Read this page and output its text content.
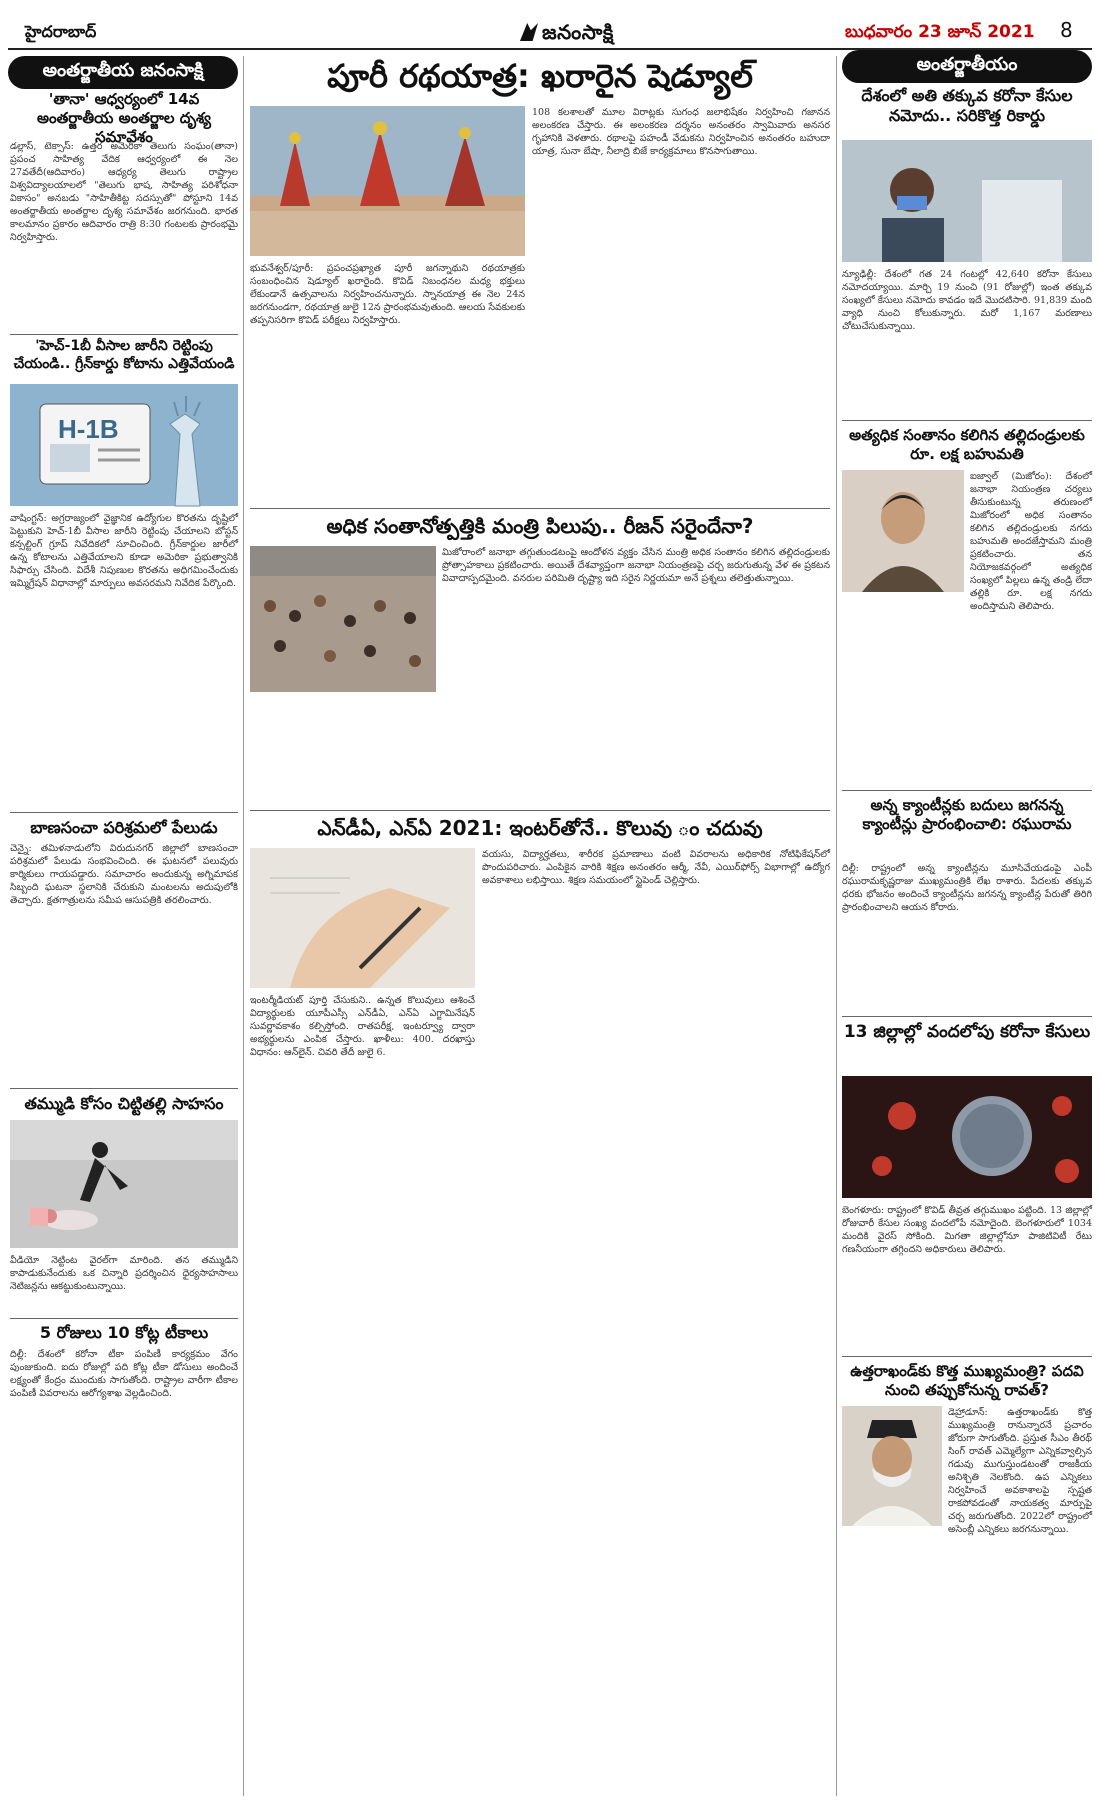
హైదరాబాద్	జనంసాక్షి	బుధవారం 23 జూన్ 2021 8
అంతర్జాతీయ జనంసాక్షి
'తానా' ఆధ్వర్యంలో 14వ అంతర్జాతీయ అంతర్జాల దృశ్య సమావేశం
డల్లాస్, టెక్సాస్: ఉత్తర అమెరికా తెలుగు సంఘం(తానా) ప్రపంచ సాహిత్య వేదిక ఆధ్వర్యంలో ఈ నెల 27వతేదీ(ఆదివారం) ఆధ్యర్య తెలుగు రాష్ట్రాల విశ్వవిద్యాలయాలలో "తెలుగు భాష, సాహిత్య పరిశోధనా వికాసం" అనబడు "సాహితీకిట్ట సదస్సుతో" పోస్టూని 14వ అంతర్జాతీయ అంతర్జాల దృశ్య సమావేశం జరగనుంది. భారత కాలమానం ప్రకారం ఆదివారం రాత్రి 8:30 గంటలకు ప్రారంభమై నిర్వహిస్తారు.
'హెచ్-1బీ వీసాల జారీని రెట్టింపు చేయండి.. గ్రీన్‌కార్డు కోటాను ఎత్తివేయండి
H-1B
వాషింగ్టన్: అగ్రరాజ్యంలో వైజ్ఞానిక ఉద్యోగుల కొరతను దృష్టిలో పెట్టుకుని హెచ్-1బీ వీసాల జారీని రెట్టింపు చేయాలని బోస్టన్ కన్సల్టింగ్ గ్రూప్ నివేదికలో సూచించింది. గ్రీన్‌కార్డుల జారీలో ఉన్న కోటాలను ఎత్తివేయాలని కూడా అమెరికా ప్రభుత్వానికి సిఫార్సు చేసింది. విదేశీ నిపుణుల కొరతను అధిగమించేందుకు ఇమ్మిగ్రేషన్ విధానాల్లో మార్పులు అవసరమని నివేదిక పేర్కొంది.
బాణసంచా పరిశ్రమలో పేలుడు
చెన్నై: తమిళనాడులోని విరుదునగర్ జిల్లాలో బాణసంచా పరిశ్రమలో పేలుడు సంభవించింది. ఈ ఘటనలో పలువురు కార్మికులు గాయపడ్డారు. సమాచారం అందుకున్న అగ్నిమాపక సిబ్బంది ఘటనా స్థలానికి చేరుకుని మంటలను అదుపులోకి తెచ్చారు. క్షతగాత్రులను సమీప ఆసుపత్రికి తరలించారు.
తమ్ముడి కోసం చిట్టితల్లి సాహసం
వీడియో నెట్టింట వైరల్‌గా మారింది. తన తమ్ముడిని కాపాడుకునేందుకు ఒక చిన్నారి ప్రదర్శించిన ధైర్యసాహసాలు నెటిజన్లను ఆకట్టుకుంటున్నాయి.
5 రోజులు 10 కోట్ల టీకాలు
దిల్లీ: దేశంలో కరోనా టీకా పంపిణీ కార్యక్రమం వేగం పుంజుకుంది. ఐదు రోజుల్లో పది కోట్ల టీకా డోసులు అందించే లక్ష్యంతో కేంద్రం ముందుకు సాగుతోంది. రాష్ట్రాల వారీగా టీకాల పంపిణీ వివరాలను ఆరోగ్యశాఖ వెల్లడించింది.
పూరీ రథయాత్ర: ఖరారైన షెడ్యూల్
భువనేశ్వర్/పూరీ: ప్రపంచప్రఖ్యాత పూరీ జగన్నాథుని రథయాత్రకు సంబంధించిన షెడ్యూల్ ఖరారైంది. కొవిడ్ నిబంధనల మధ్య భక్తులు లేకుండానే ఉత్సవాలను నిర్వహించనున్నారు. స్నానయాత్ర ఈ నెల 24న జరగనుండగా, రథయాత్ర జులై 12న ప్రారంభమవుతుంది. ఆలయ సేవకులకు తప్పనిసరిగా కొవిడ్ పరీక్షలు నిర్వహిస్తారు.
108 కలశాలతో మూల విరాట్లకు సుగంధ జలాభిషేకం నిర్వహించి గజానన అలంకరణ చేస్తారు. ఈ అలంకరణ దర్శనం అనంతరం స్వామివారు అనసర గృహానికి వెళతారు. రథాలపై పహండీ వేడుకను నిర్వహించిన అనంతరం బహుదా యాత్ర, సునా బేషా, నీలాద్రి బిజే కార్యక్రమాలు కొనసాగుతాయి.
అధిక సంతానోత్పత్తికి మంత్రి పిలుపు.. రీజన్ సరైందేనా?
మిజోరాంలో జనాభా తగ్గుతుండటంపై ఆందోళన వ్యక్తం చేసిన మంత్రి అధిక సంతానం కలిగిన తల్లిదండ్రులకు ప్రోత్సాహకాలు ప్రకటించారు. అయితే దేశవ్యాప్తంగా జనాభా నియంత్రణపై చర్చ జరుగుతున్న వేళ ఈ ప్రకటన వివాదాస్పదమైంది. వనరుల పరిమితి దృష్ట్యా ఇది సరైన నిర్ణయమా అనే ప్రశ్నలు తలెత్తుతున్నాయి.
ఎన్‌డీఏ, ఎన్‌ఏ 2021: ఇంటర్‌తోనే.. కొలువు ం చదువు
ఇంటర్మీడియట్ పూర్తి చేసుకుని.. ఉన్నత కొలువులు ఆశించే విద్యార్థులకు యూపీఎస్సీ ఎన్‌డీఏ, ఎన్‌ఏ ఎగ్జామినేషన్ సువర్ణావకాశం కల్పిస్తోంది. రాతపరీక్ష, ఇంటర్వ్యూ ద్వారా అభ్యర్థులను ఎంపిక చేస్తారు. ఖాళీలు: 400. దరఖాస్తు విధానం: ఆన్‌లైన్. చివరి తేదీ జులై 6.
వయసు, విద్యార్హతలు, శారీరక ప్రమాణాలు వంటి వివరాలను అధికారిక నోటిఫికేషన్‌లో పొందుపరిచారు. ఎంపికైన వారికి శిక్షణ అనంతరం ఆర్మీ, నేవీ, ఎయిర్‌ఫోర్స్ విభాగాల్లో ఉద్యోగ అవకాశాలు లభిస్తాయి. శిక్షణ సమయంలో స్టైపెండ్ చెల్లిస్తారు.
అంతర్జాతీయం
దేశంలో అతి తక్కువ కరోనా కేసుల నమోదు.. సరికొత్త రికార్డు
న్యూఢిల్లీ: దేశంలో గత 24 గంటల్లో 42,640 కరోనా కేసులు నమోదయ్యాయి. మార్చి 19 నుంచి (91 రోజుల్లో) ఇంత తక్కువ సంఖ్యలో కేసులు నమోదు కావడం ఇదే మొదటిసారి. 91,839 మంది వ్యాధి నుంచి కోలుకున్నారు. మరో 1,167 మరణాలు చోటుచేసుకున్నాయి.
అత్యధిక సంతానం కలిగిన తల్లిదండ్రులకు రూ. లక్ష బహుమతి
ఐజ్వాల్ (మిజోరం): దేశంలో జనాభా నియంత్రణ చర్యలు తీసుకుంటున్న తరుణంలో మిజోరంలో అధిక సంతానం కలిగిన తల్లిదండ్రులకు నగదు బహుమతి అందజేస్తామని మంత్రి ప్రకటించారు. తన నియోజకవర్గంలో అత్యధిక సంఖ్యలో పిల్లలు ఉన్న తండ్రి లేదా తల్లికి రూ. లక్ష నగదు అందిస్తామని తెలిపారు.
అన్న క్యాంటీన్లకు బదులు జగనన్న క్యాంటీన్లు ప్రారంభించాలి: రఘురామ
దిల్లీ: రాష్ట్రంలో అన్న క్యాంటీన్లను మూసివేయడంపై ఎంపీ రఘురామకృష్ణరాజు ముఖ్యమంత్రికి లేఖ రాశారు. పేదలకు తక్కువ ధరకు భోజనం అందించే క్యాంటీన్లను జగనన్న క్యాంటీన్ల పేరుతో తిరిగి ప్రారంభించాలని ఆయన కోరారు.
13 జిల్లాల్లో వందలోపు కరోనా కేసులు
బెంగళూరు: రాష్ట్రంలో కొవిడ్ తీవ్రత తగ్గుముఖం పట్టింది. 13 జిల్లాల్లో రోజువారీ కేసుల సంఖ్య వందలోపే నమోదైంది. బెంగళూరులో 1034 మందికి వైరస్ సోకింది. మిగతా జిల్లాల్లోనూ పాజిటివిటీ రేటు గణనీయంగా తగ్గిందని అధికారులు తెలిపారు.
ఉత్తరాఖండ్‌కు కొత్త ముఖ్యమంత్రి? పదవి నుంచి తప్పుకోనున్న రావత్?
డెహ్రాడూన్: ఉత్తరాఖండ్‌కు కొత్త ముఖ్యమంత్రి రానున్నారనే ప్రచారం జోరుగా సాగుతోంది. ప్రస్తుత సీఎం తీరథ్ సింగ్ రావత్ ఎమ్మెల్యేగా ఎన్నికవ్వాల్సిన గడువు ముగుస్తుండటంతో రాజకీయ అనిశ్చితి నెలకొంది. ఉప ఎన్నికలు నిర్వహించే అవకాశాలపై స్పష్టత రాకపోవడంతో నాయకత్వ మార్పుపై చర్చ జరుగుతోంది. 2022లో రాష్ట్రంలో అసెంబ్లీ ఎన్నికలు జరగనున్నాయి.
